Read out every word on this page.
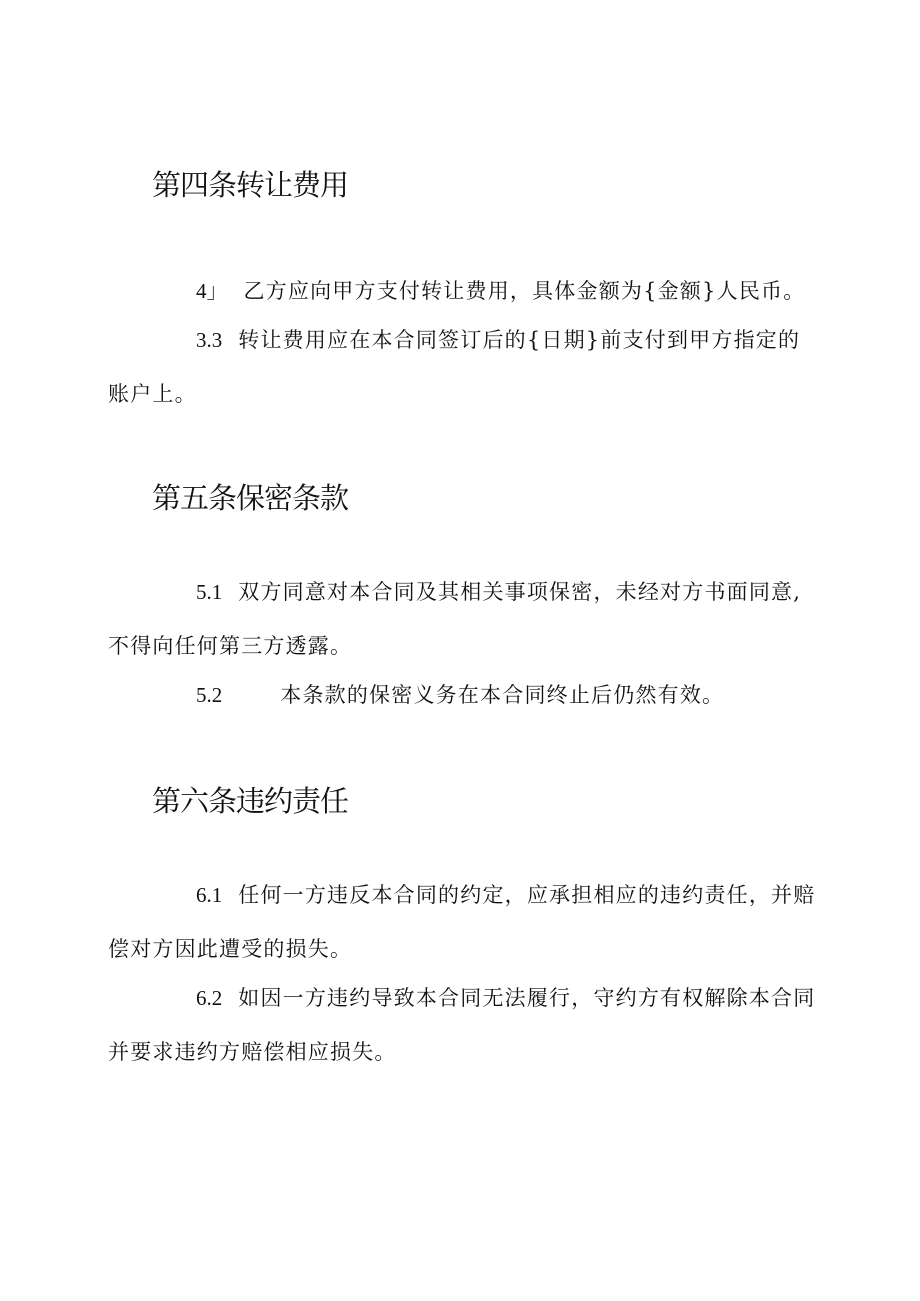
第四条转让费用

4」 乙方应向甲方支付转让费用，具体金额为{金额}人民币。

3.3 转让费用应在本合同签订后的{日期}前支付到甲方指定的账户上。

第五条保密条款

5.1 双方同意对本合同及其相关事项保密，未经对方书面同意,不得向任何第三方透露。

5.2	本条款的保密义务在本合同终止后仍然有效。

第六条违约责任

6.1 任何一方违反本合同的约定，应承担相应的违约责任，并赔偿对方因此遭受的损失。

6.2 如因一方违约导致本合同无法履行，守约方有权解除本合同并要求违约方赔偿相应损失。
